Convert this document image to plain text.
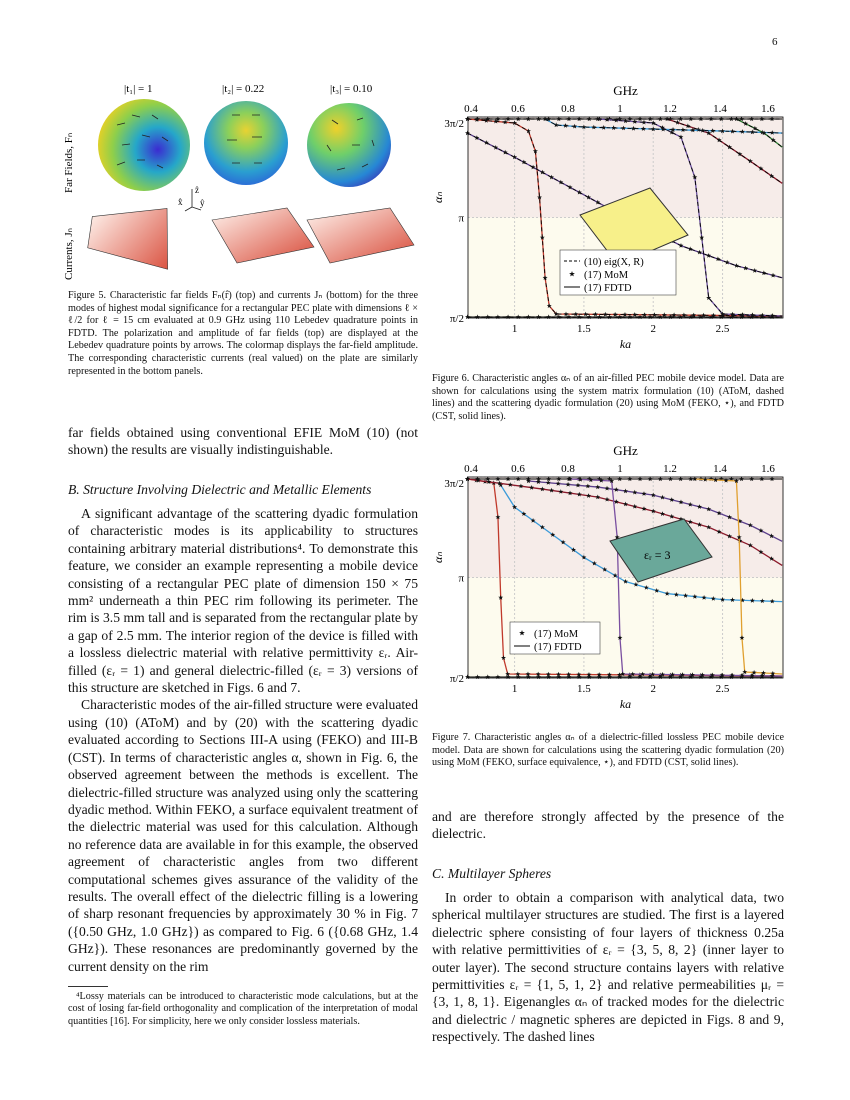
6
Currents, Jₙ
Far Fields, Fₙ
|t₁| = 1	|t₂| = 0.22	|t₃| = 0.10
ẑ
x̂ ŷ
Figure 5. Characteristic far fields Fₙ(r̂) (top) and currents Jₙ (bottom) for the three modes of highest modal significance for a rectangular PEC plate with dimensions ℓ × ℓ/2 for ℓ = 15 cm evaluated at 0.9 GHz using 110 Lebedev quadrature points in FDTD. The polarization and amplitude of far fields (top) are displayed at the Lebedev quadrature points by arrows. The colormap displays the far-field amplitude. The corresponding characteristic currents (real valued) on the plate are similarly represented in the bottom panels.
far fields obtained using conventional EFIE MoM (10) (not shown) the results are visually indistinguishable.
B. Structure Involving Dielectric and Metallic Elements

A significant advantage of the scattering dyadic formulation of characteristic modes is its applicability to structures containing arbitrary material distributions⁴. To demonstrate this feature, we consider an example representing a mobile device consisting of a rectangular PEC plate of dimension 150 × 75 mm² underneath a thin PEC rim following its perimeter. The rim is 3.5 mm tall and is separated from the rectangular plate by a gap of 2.5 mm. The interior region of the device is filled with a lossless dielectric material with relative permittivity εᵣ. Air-filled (εᵣ = 1) and general dielectric-filled (εᵣ = 3) versions of this structure are sketched in Figs. 6 and 7.

Characteristic modes of the air-filled structure were evaluated using (10) (AToM) and by (20) with the scattering dyadic evaluated according to Sections III-A using (FEKO) and III-B (CST). In terms of characteristic angles α, shown in Fig. 6, the observed agreement between the methods is excellent. The dielectric-filled structure was analyzed using only the scattering dyadic method. Within FEKO, a surface equivalent treatment of the dielectric material was used for this calculation. Although no reference data are available in for this example, the observed agreement of characteristic angles from two different computational schemes gives assurance of the validity of the results. The overall effect of the dielectric filling is a lowering of sharp resonant frequencies by approximately 30 % in Fig. 7 ({0.50 GHz, 1.0 GHz}) as compared to Fig. 6 ({0.68 GHz, 1.4 GHz}). These resonances are predominantly governed by the current density on the rim

⁴Lossy materials can be introduced to characteristic mode calculations, but at the cost of losing far-field orthogonality and complication of the interpretation of modal quantities [16]. For simplicity, here we only consider lossless materials.
1	1.5	2	2.5
π/2
π
3π/2
0.4	0.6	0.8	1	1.2	1.4	1.6
GHz
ka
αₙ
(10) eig(X, R)
(17) MoM
(17) FDTD
Figure 6. Characteristic angles αₙ of an air-filled PEC mobile device model. Data are shown for calculations using the system matrix formulation (10) (AToM, dashed lines) and the scattering dyadic formulation (20) using MoM (FEKO, ⋆), and FDTD (CST, solid lines).
1	1.5	2	2.5
π/2
π
3π/2
0.4	0.6	0.8	1	1.2	1.4	1.6
GHz
ka
αₙ	εᵣ = 3
(17) MoM
(17) FDTD
Figure 7. Characteristic angles αₙ of a dielectric-filled lossless PEC mobile device model. Data are shown for calculations using the scattering dyadic formulation (20) using MoM (FEKO, surface equivalence, ⋆), and FDTD (CST, solid lines).
and are therefore strongly affected by the presence of the dielectric.
C. Multilayer Spheres

In order to obtain a comparison with analytical data, two spherical multilayer structures are studied. The first is a layered dielectric sphere consisting of four layers of thickness 0.25a with relative permittivities of εᵣ = {3, 5, 8, 2} (inner layer to outer layer). The second structure contains layers with relative permittivities εᵣ = {1, 5, 1, 2} and relative permeabilities μᵣ = {3, 1, 8, 1}. Eigenangles αₙ of tracked modes for the dielectric and dielectric / magnetic spheres are depicted in Figs. 8 and 9, respectively. The dashed lines
